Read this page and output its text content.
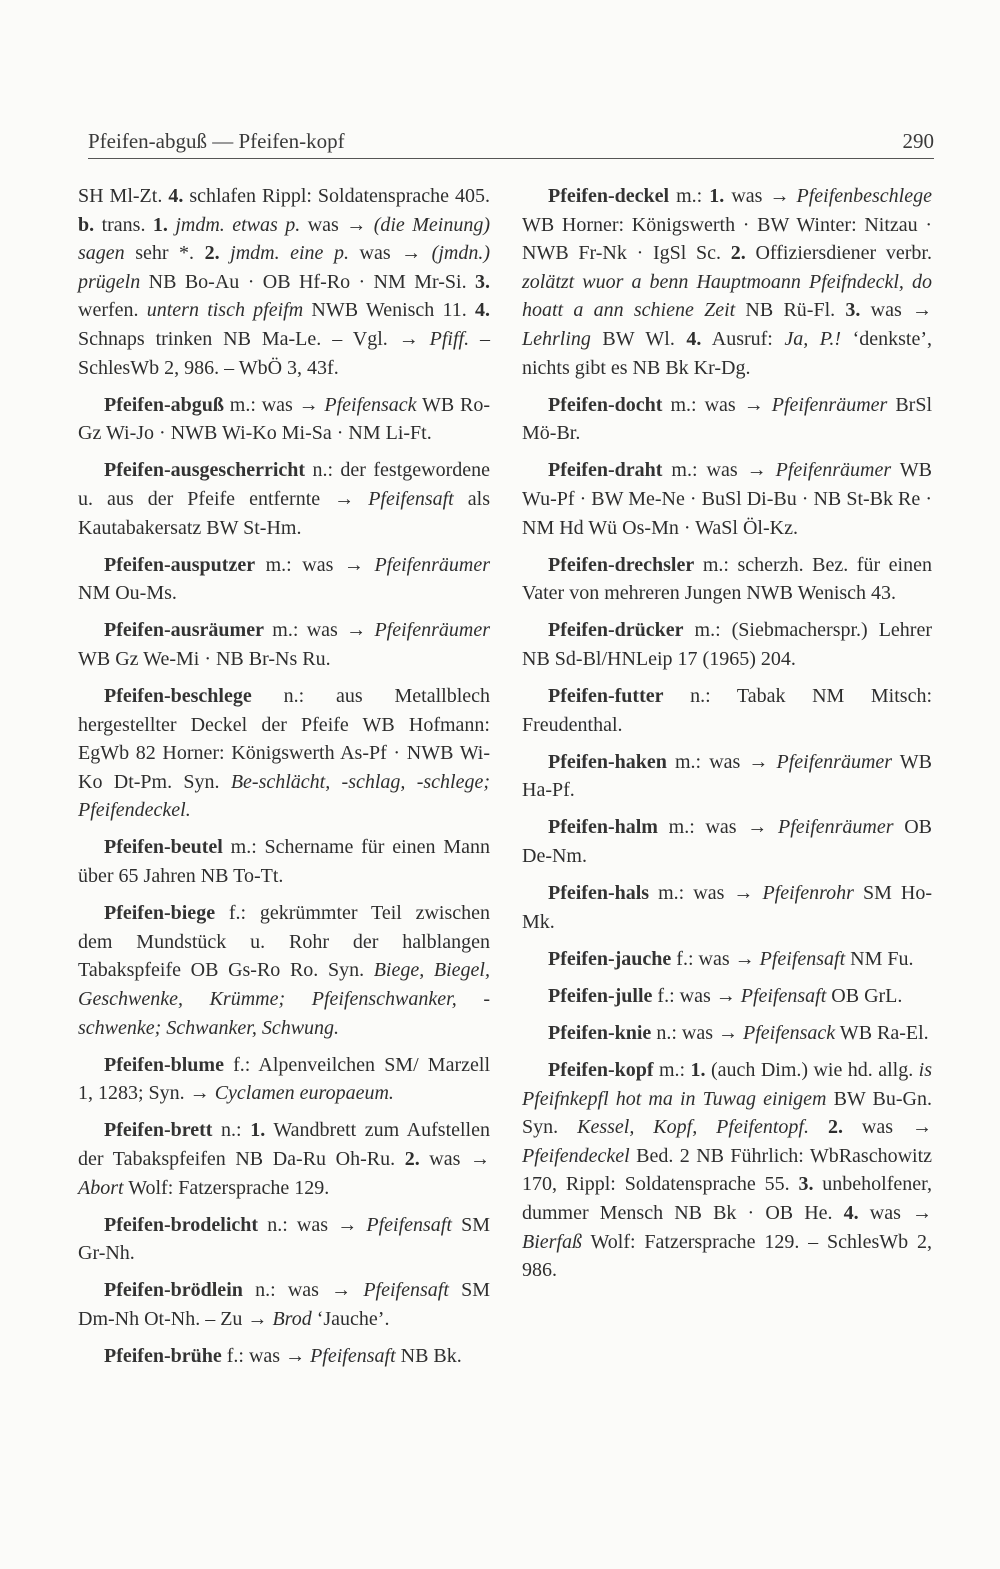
Pfeifen-abguß — Pfeifen-kopf	290

SH Ml-Zt. 4. schlafen Rippl: Soldatensprache 405. b. trans. 1. jmdm. etwas p. was → (die Meinung) sagen sehr *. 2. jmdm. eine p. was → (jmdn.) prügeln NB Bo-Au · OB Hf-Ro · NM Mr-Si. 3. werfen. untern tisch pfeifm NWB Wenisch 11. 4. Schnaps trinken NB Ma-Le. – Vgl. → Pfiff. – SchlesWb 2, 986. – WbÖ 3, 43f.

Pfeifen-abguß m.: was → Pfeifensack WB Ro-Gz Wi-Jo · NWB Wi-Ko Mi-Sa · NM Li-Ft.

Pfeifen-ausgescherricht n.: der festgewordene u. aus der Pfeife entfernte → Pfeifensaft als Kautabakersatz BW St-Hm.

Pfeifen-ausputzer m.: was → Pfeifenräumer NM Ou-Ms.

Pfeifen-ausräumer m.: was → Pfeifenräumer WB Gz We-Mi · NB Br-Ns Ru.

Pfeifen-beschlege n.: aus Metallblech hergestellter Deckel der Pfeife WB Hofmann: EgWb 82 Horner: Königswerth As-Pf · NWB Wi-Ko Dt-Pm. Syn. Be-schlächt, -schlag, -schlege; Pfeifendeckel.

Pfeifen-beutel m.: Schername für einen Mann über 65 Jahren NB To-Tt.

Pfeifen-biege f.: gekrümmter Teil zwischen dem Mundstück u. Rohr der halblangen Tabakspfeife OB Gs-Ro Ro. Syn. Biege, Biegel, Geschwenke, Krümme; Pfeifenschwanker, -schwenke; Schwanker, Schwung.

Pfeifen-blume f.: Alpenveilchen SM/ Marzell 1, 1283; Syn. → Cyclamen europaeum.

Pfeifen-brett n.: 1. Wandbrett zum Aufstellen der Tabakspfeifen NB Da-Ru Oh-Ru. 2. was → Abort Wolf: Fatzersprache 129.

Pfeifen-brodelicht n.: was → Pfeifensaft SM Gr-Nh.

Pfeifen-brödlein n.: was → Pfeifensaft SM Dm-Nh Ot-Nh. – Zu → Brod ‘Jauche’.

Pfeifen-brühe f.: was → Pfeifensaft NB Bk.

Pfeifen-deckel m.: 1. was → Pfeifenbeschlege WB Horner: Königswerth · BW Winter: Nitzau · NWB Fr-Nk · IgSl Sc. 2. Offiziersdiener verbr. zolätzt wuor a benn Hauptmoann Pfeifndeckl, do hoatt a ann schiene Zeit NB Rü-Fl. 3. was → Lehrling BW Wl. 4. Ausruf: Ja, P.! ‘denkste’, nichts gibt es NB Bk Kr-Dg.

Pfeifen-docht m.: was → Pfeifenräumer BrSl Mö-Br.

Pfeifen-draht m.: was → Pfeifenräumer WB Wu-Pf · BW Me-Ne · BuSl Di-Bu · NB St-Bk Re · NM Hd Wü Os-Mn · WaSl Öl-Kz.

Pfeifen-drechsler m.: scherzh. Bez. für einen Vater von mehreren Jungen NWB Wenisch 43.

Pfeifen-drücker m.: (Siebmacherspr.) Lehrer NB Sd-Bl/HNLeip 17 (1965) 204.

Pfeifen-futter n.: Tabak NM Mitsch: Freudenthal.

Pfeifen-haken m.: was → Pfeifenräumer WB Ha-Pf.

Pfeifen-halm m.: was → Pfeifenräumer OB De-Nm.

Pfeifen-hals m.: was → Pfeifenrohr SM Ho-Mk.

Pfeifen-jauche f.: was → Pfeifensaft NM Fu.

Pfeifen-julle f.: was → Pfeifensaft OB GrL.

Pfeifen-knie n.: was → Pfeifensack WB Ra-El.

Pfeifen-kopf m.: 1. (auch Dim.) wie hd. allg. is Pfeifnkepfl hot ma in Tuwag einigem BW Bu-Gn. Syn. Kessel, Kopf, Pfeifentopf. 2. was → Pfeifendeckel Bed. 2 NB Führlich: WbRaschowitz 170, Rippl: Soldatensprache 55. 3. unbeholfener, dummer Mensch NB Bk · OB He. 4. was → Bierfaß Wolf: Fatzersprache 129. – SchlesWb 2, 986.
